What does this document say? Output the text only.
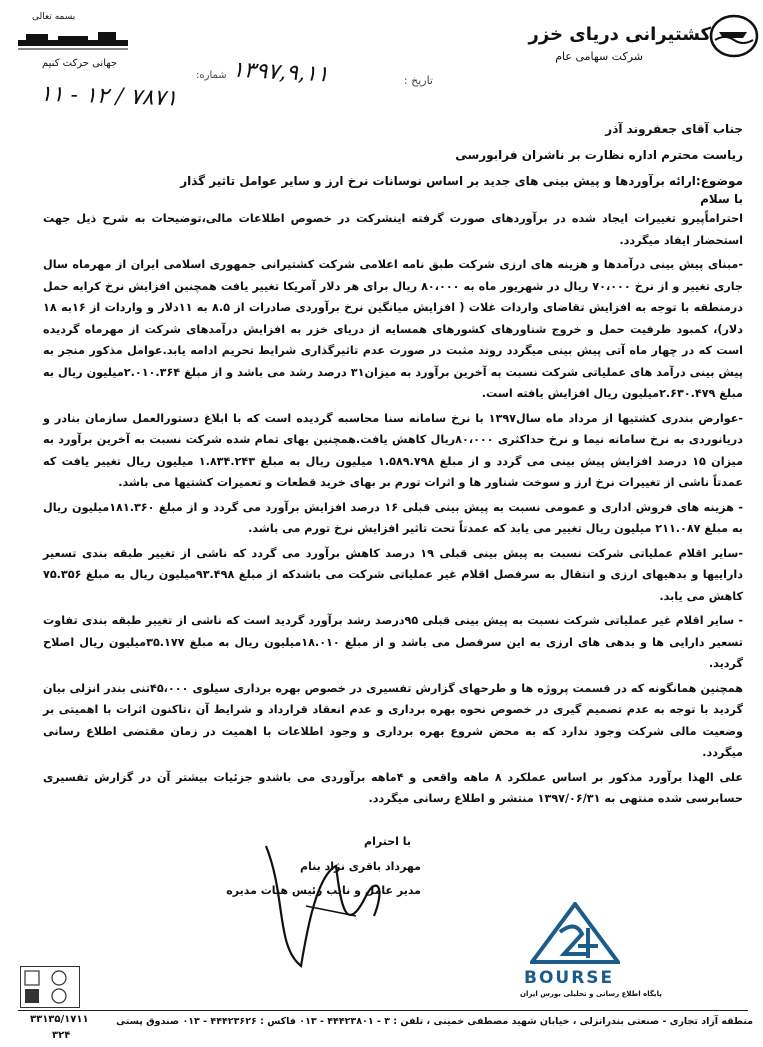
کشتیرانی دریای خزر
شرکت سهامی عام
بسمه تعالی
جهانی حرکت کنیم
تاریخ :
۱۳۹۷,۹,۱۱
شماره:
۱۱ - ۱۲ / ۷۸۷۱
جناب آقای جعفروند آذر
ریاست محترم اداره نظارت بر ناشران فرابورسی
موضوع:ارائه برآوردها و پیش بینی های جدید بر اساس نوسانات نرخ ارز و سایر عوامل تاثیر گذار
با سلام

احتراماًپیرو تغییرات ایجاد شده در برآوردهای صورت گرفته اینشرکت در خصوص اطلاعات مالی،توضیحات به شرح ذیل جهت استحضار ایفاد میگردد.

-مبنای پیش بینی درآمدها و هزینه های ارزی شرکت طبق نامه اعلامی شرکت کشتیرانی جمهوری اسلامی ایران از مهرماه سال جاری تغییر و از نرخ ۷۰،۰۰۰ ریال در شهریور ماه به ۸۰،۰۰۰ ریال برای هر دلار آمریکا تغییر یافت همچنین افزایش نرخ کرایه حمل درمنطقه با توجه به افزایش تقاضای واردات غلات ( افزایش میانگین نرخ برآوردی صادرات از ۸.۵ به ۱۱دلار و واردات از ۱۶به ۱۸ دلار)، کمبود ظرفیت حمل و خروج شناورهای کشورهای همسایه از دریای خزر به افزایش درآمدهای شرکت از مهرماه گردیده است که در چهار ماه آتی پیش بینی میگردد روند مثبت در صورت عدم تاثیرگذاری شرایط تحریم ادامه یابد.عوامل مذکور منجر به پیش بینی درآمد های عملیاتی شرکت نسبت به آخرین برآورد به میزان۳۱ درصد رشد می باشد و از مبلغ ۲.۰۱۰.۳۶۴میلیون ریال به مبلغ ۲.۶۳۰.۴۷۹میلیون ریال افزایش یافته است.

-عوارض بندری کشتیها از مرداد ماه سال۱۳۹۷ با نرخ سامانه سنا محاسبه گردیده است که با ابلاغ دستورالعمل سازمان بنادر و دریانوردی به نرخ سامانه نیما و نرخ حداکثری ۸۰،۰۰۰ریال کاهش یافت.همچنین بهای تمام شده شرکت نسبت به آخرین برآورد به میزان ۱۵ درصد افزایش پیش بینی می گردد و از مبلغ ۱.۵۸۹.۷۹۸ میلیون ریال به مبلغ ۱.۸۳۴.۲۴۳ میلیون ریال تغییر یافت که عمدتاً ناشی از تغییرات نرخ ارز و سوخت شناور ها و اثرات تورم بر بهای خرید قطعات و تعمیرات کشتیها می باشد.

- هزینه های فروش اداری و عمومی نسبت به پیش بینی قبلی ۱۶ درصد افزایش برآورد می گردد و از مبلغ ۱۸۱.۳۶۰میلیون ریال به مبلغ ۲۱۱.۰۸۷ میلیون ریال تغییر می یابد که عمدتاً تحت تاثیر افزایش نرخ تورم می باشد.

-سایر اقلام عملیاتی شرکت نسبت به پیش بینی قبلی ۱۹ درصد کاهش برآورد می گردد که ناشی از تغییر طبقه بندی تسعیر داراییها و بدهیهای ارزی و انتقال به سرفصل اقلام غیر عملیاتی شرکت می باشدکه از مبلغ ۹۳.۴۹۸میلیون ریال به مبلغ ۷۵.۳۵۶ کاهش می یابد.

- سایر اقلام غیر عملیاتی شرکت نسبت به پیش بینی قبلی ۹۵درصد رشد برآورد گردید است که ناشی از تغییر طبقه بندی تفاوت تسعیر دارایی ها و بدهی های ارزی به این سرفصل می باشد و از مبلغ ۱۸.۰۱۰میلیون ریال به مبلغ ۳۵.۱۷۷میلیون ریال اصلاح گردید.

همچنین همانگونه که در قسمت پروژه ها و طرحهای گزارش تفسیری در خصوص بهره برداری سیلوی ۴۵،۰۰۰تنی بندر انزلی بیان گردید با توجه به عدم تصمیم گیری در خصوص نحوه بهره برداری و عدم انعقاد قرارداد و شرایط آن ،تاکنون اثرات با اهمیتی بر وضعیت مالی شرکت وجود ندارد که به محض شروع بهره برداری و وجود اطلاعات با اهمیت در زمان مقتضی اطلاع رسانی میگردد.

علی الهذا برآورد مذکور بر اساس عملکرد ۸ ماهه واقعی و ۴ماهه برآوردی می باشدو جزئیات بیشتر آن در گزارش تفسیری حسابرسی شده منتهی به ۱۳۹۷/۰۶/۳۱ منتشر و اطلاع رسانی میگردد.

با احترام
مهرداد باقری نژاد بنام
مدیر عامل و نایب رئیس هیات مدیره
BOURSE
پایگاه اطلاع رسانی و تحلیلی بورس ایران
منطقه آزاد تجاری - صنعتی بندرانزلی ، خیابان شهید مصطفی خمینی ، تلفن : ۳ - ۴۴۴۲۳۸۰۱ - ۰۱۳ فاکس : ۴۴۴۲۳۶۲۶ - ۰۱۳ صندوق پستی
۳۳۱۳۵/۱۷۱۱
۳۲۴
